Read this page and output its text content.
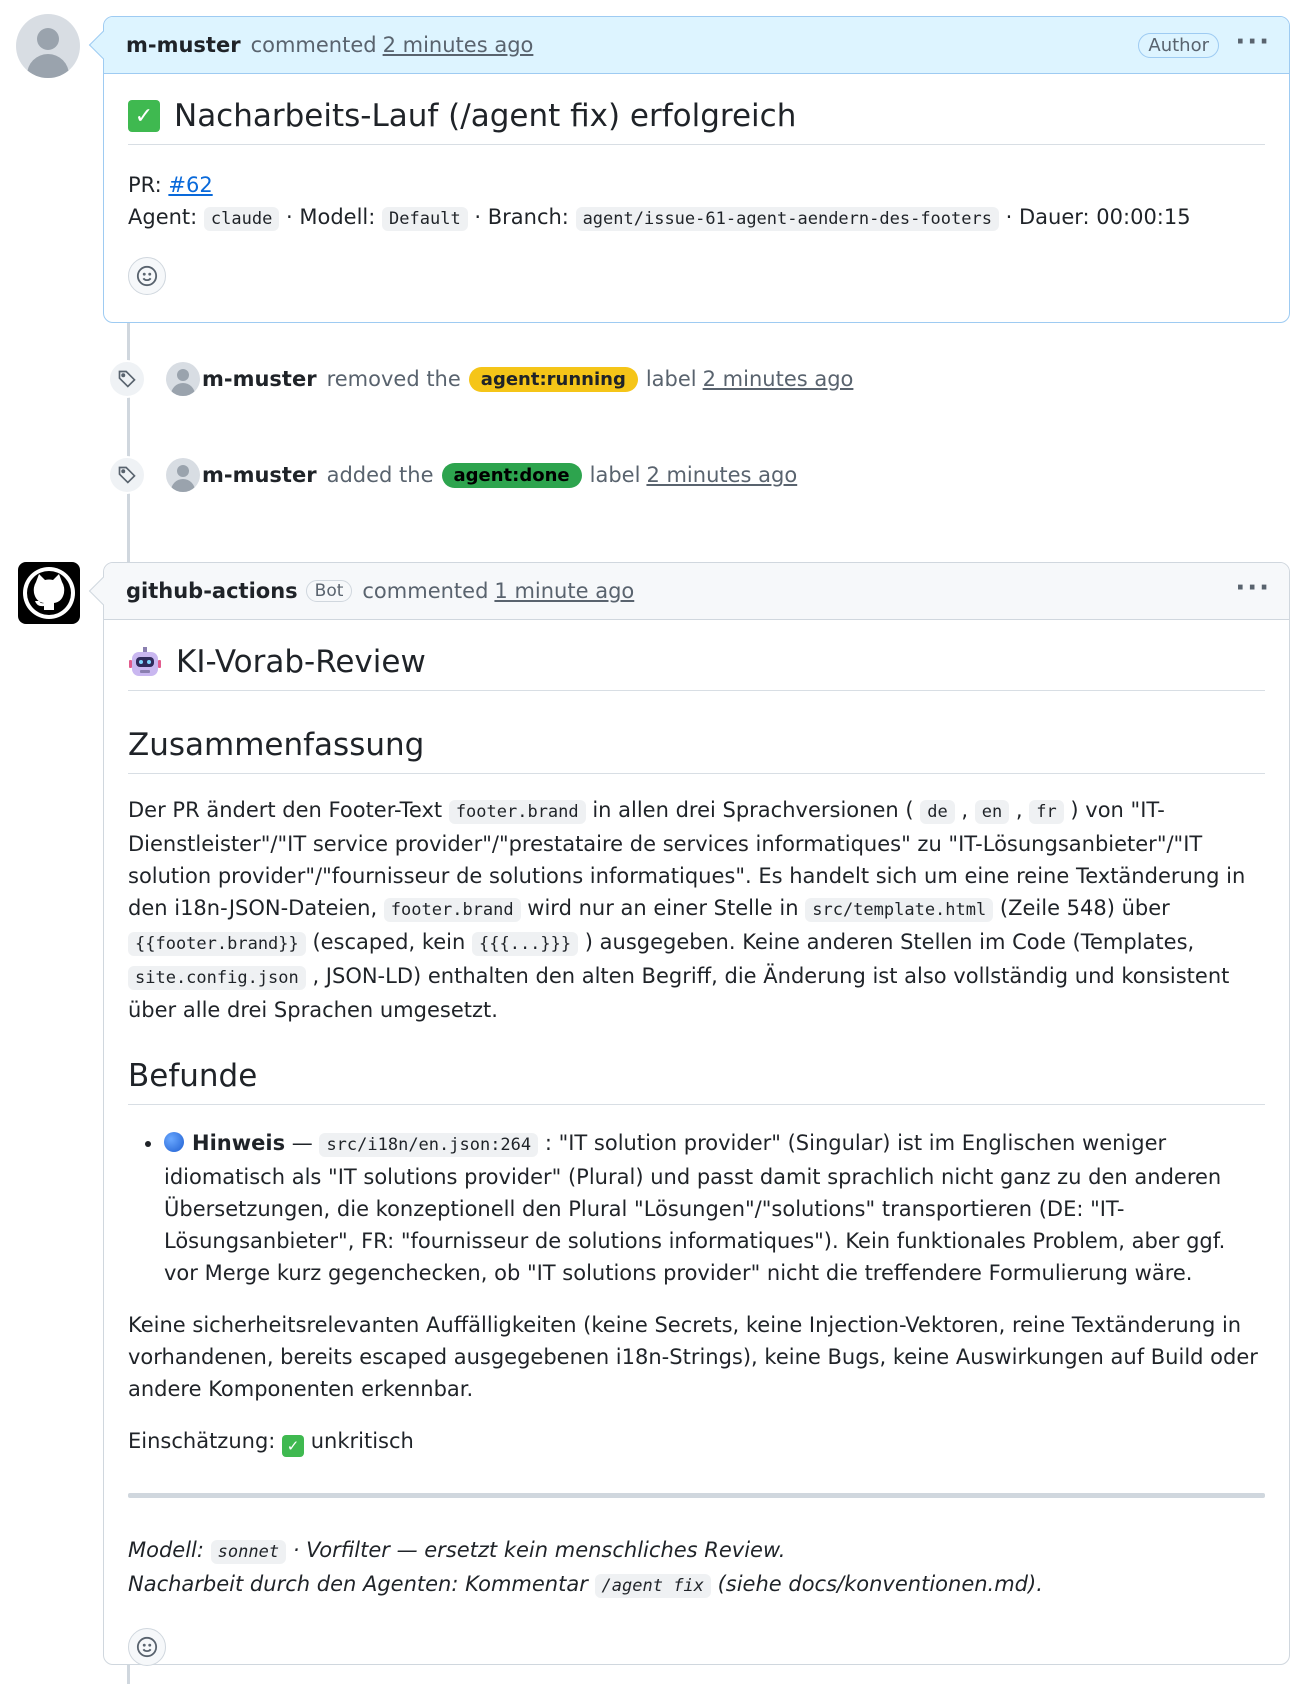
m-muster commented 2 minutes ago	Author	···
✓ Nacharbeits-Lauf (/agent fix) erfolgreich

PR: #62

Agent: claude · Modell: Default · Branch: agent/issue-61-agent-aendern-des-footers · Dauer: 00:00:15

m-muster removed the	agent:running label 2 minutes ago
m-muster added the	agent:done label 2 minutes ago
github-actions	Bot commented 1 minute ago	···
KI-Vorab-Review
Zusammenfassung

Der PR ändert den Footer-Text footer.brand in allen drei Sprachversionen ( de , en , fr ) von "IT-Dienstleister"/"IT service provider"/"prestataire de services informatiques" zu "IT-Lösungsanbieter"/"IT solution provider"/"fournisseur de solutions informatiques". Es handelt sich um eine reine Textänderung in den i18n-JSON-Dateien, footer.brand wird nur an einer Stelle in src/template.html (Zeile 548) über {{footer.brand}} (escaped, kein {{{...}}} ) ausgegeben. Keine anderen Stellen im Code (Templates, site.config.json , JSON-LD) enthalten den alten Begriff, die Änderung ist also vollständig und konsistent über alle drei Sprachen umgesetzt.

Befunde
• Hinweis — src/i18n/en.json:264 : "IT solution provider" (Singular) ist im Englischen weniger idiomatisch als "IT solutions provider" (Plural) und passt damit sprachlich nicht ganz zu den anderen Übersetzungen, die konzeptionell den Plural "Lösungen"/"solutions" transportieren (DE: "IT-Lösungsanbieter", FR: "fournisseur de solutions informatiques"). Kein funktionales Problem, aber ggf. vor Merge kurz gegenchecken, ob "IT solutions provider" nicht die treffendere Formulierung wäre.

Keine sicherheitsrelevanten Auffälligkeiten (keine Secrets, keine Injection-Vektoren, reine Textänderung in vorhandenen, bereits escaped ausgegebenen i18n-Strings), keine Bugs, keine Auswirkungen auf Build oder andere Komponenten erkennbar.

Einschätzung: ✓ unkritisch

Modell: sonnet · Vorfilter — ersetzt kein menschliches Review.

Nacharbeit durch den Agenten: Kommentar /agent fix (siehe docs/konventionen.md).
